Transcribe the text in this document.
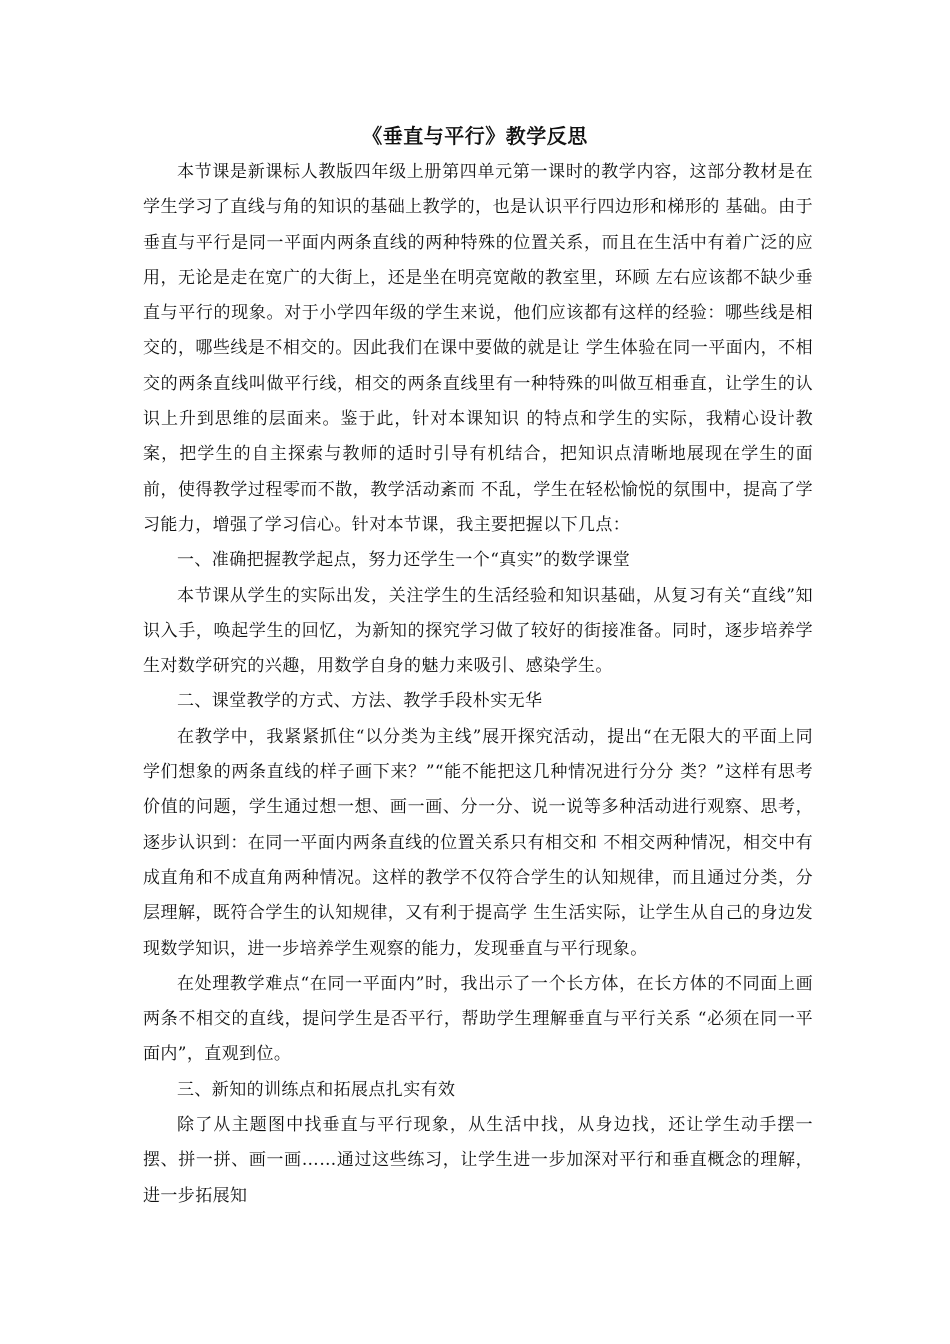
《垂直与平行》教学反思

本节课是新课标人教版四年级上册第四单元第一课时的教学内容，这部分教材是在学生学习了直线与角的知识的基础上教学的，也是认识平行四边形和梯形的 基础。由于垂直与平行是同一平面内两条直线的两种特殊的位置关系，而且在生活中有着广泛的应用，无论是走在宽广的大街上，还是坐在明亮宽敞的教室里，环顾 左右应该都不缺少垂直与平行的现象。对于小学四年级的学生来说，他们应该都有这样的经验：哪些线是相交的，哪些线是不相交的。因此我们在课中要做的就是让 学生体验在同一平面内，不相交的两条直线叫做平行线，相交的两条直线里有一种特殊的叫做互相垂直，让学生的认识上升到思维的层面来。鉴于此，针对本课知识 的特点和学生的实际，我精心设计教案，把学生的自主探索与教师的适时引导有机结合，把知识点清晰地展现在学生的面前，使得教学过程零而不散，教学活动紊而 不乱，学生在轻松愉悦的氛围中，提高了学习能力，增强了学习信心。针对本节课，我主要把握以下几点：

一、准确把握教学起点，努力还学生一个“真实”的数学课堂

本节课从学生的实际出发，关注学生的生活经验和知识基础，从复习有关“直线”知识入手，唤起学生的回忆，为新知的探究学习做了较好的街接准备。同时，逐步培养学生对数学研究的兴趣，用数学自身的魅力来吸引、感染学生。

二、课堂教学的方式、方法、教学手段朴实无华

在教学中，我紧紧抓住“以分类为主线”展开探究活动，提出“在无限大的平面上同学们想象的两条直线的样子画下来？”“能不能把这几种情况进行分分 类？”这样有思考价值的问题，学生通过想一想、画一画、分一分、说一说等多种活动进行观察、思考，逐步认识到：在同一平面内两条直线的位置关系只有相交和 不相交两种情况，相交中有成直角和不成直角两种情况。这样的教学不仅符合学生的认知规律，而且通过分类，分层理解，既符合学生的认知规律，又有利于提高学 生生活实际，让学生从自己的身边发现数学知识，进一步培养学生观察的能力，发现垂直与平行现象。

在处理教学难点“在同一平面内”时，我出示了一个长方体，在长方体的不同面上画两条不相交的直线，提问学生是否平行，帮助学生理解垂直与平行关系 “必须在同一平面内”，直观到位。

三、新知的训练点和拓展点扎实有效

除了从主题图中找垂直与平行现象，从生活中找，从身边找，还让学生动手摆一摆、拼一拼、画一画……通过这些练习，让学生进一步加深对平行和垂直概念的理解，进一步拓展知
